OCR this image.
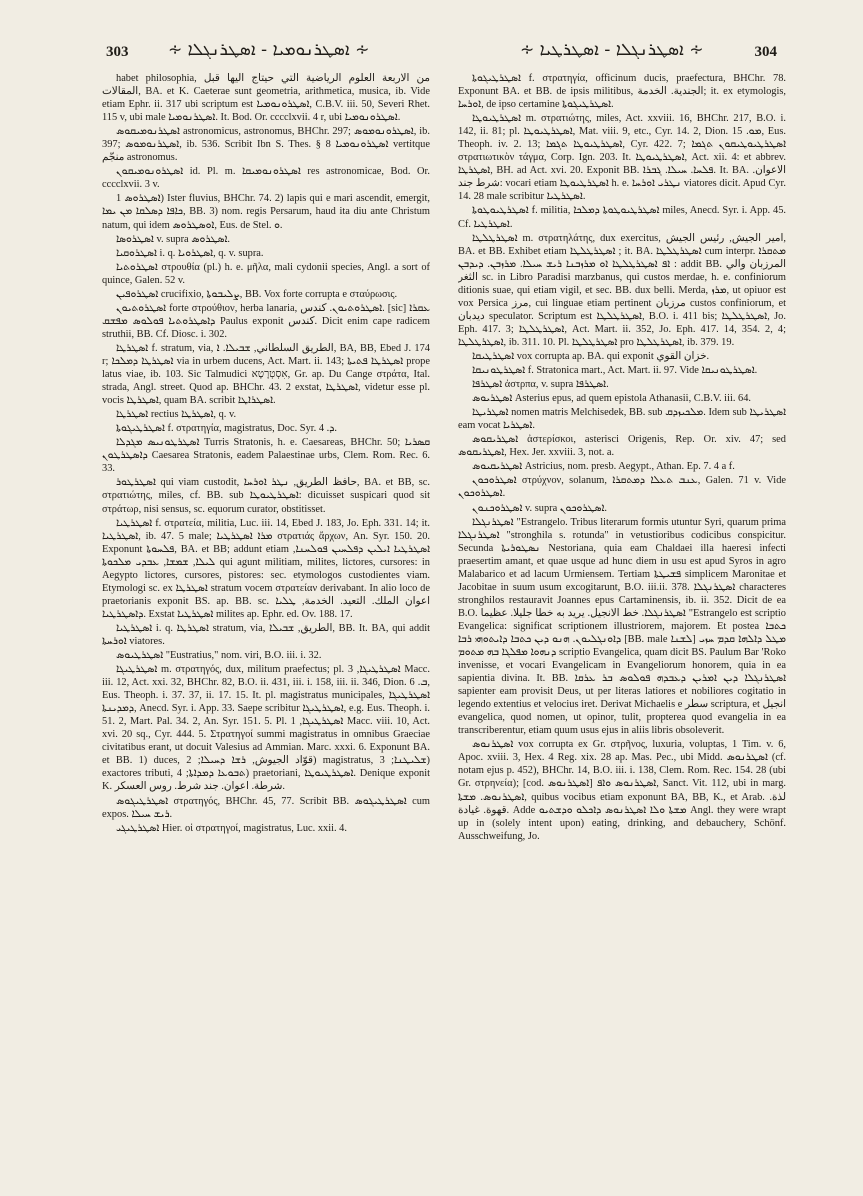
303 ∻ ܐܣܛܪܢܘܡܝܐ - ܐܣܛܪܢܓܠܐ ∻	∻ ܐܣܛܪܢܓܠܐ - ܐܣܛܪܛܝܐ ∻	304

habet philosophia, من الاربعة العلوم الرياضية التي حيتاج اليها قبل المقالات, BA. et K. Caeterae sunt geometria, arithmetica, musica, ib. Vide etiam Ephr. ii. 317 ubi scriptum est ܐܣܛܪܘܢܘܡܝܐ, C.B.V. iii. 50, Severi Rhet. 115 v, ubi male ܐܣܛܪܢܘܡܝܐ. It. Bod. Or. cccclxvii. 4 r, ubi ܐܣܛܪܘܢܘܡܝܐ.

ܐܣܛܪܢܘܡܝܩܘܣ astronomicus, astronomus, BHChr. 297; ܐܣܛܪܘܢܘܡܘܣ, ib. 397; ܐܣܛܪܢܘܡܘܣ, ib. 536. Scribit Ibn S. Thes. § 8 ܐܣܛܪܘܢܘܡܝܐ vertitque منجّم astronomus.

ܐܣܛܪܘܢܘܡܝܩܘܢ id. Pl. m. ܐܣܛܪܘܢܘܡܝܩܐ res astronomicae, Bod. Or. cccclxvii. 3 v.

ܐܣܛܪܘܣ 1) Ister fluvius, BHChr. 74. 2) lapis qui e mari ascendit, emergit, ܟܐܦܐ ܕܣܠܩܐ ܡܢ ܝܡܐ, BB. 3) nom. regis Persarum, haud ita diu ante Christum natum, qui idem ܐܘܣܛܪܘܣ, Eus. de Stel. ܘ.

ܐܣܛܪܘܣܐ v. supra ܐܣܛܪܘܣ.

ܐܣܛܪܘܩܝܐ i. q. ܐܣܛܪܘܝܐ, q. v. supra.

ܐܣܛܪܘܬܝܐ στρουθία (pl.) h. e. μῆλα, mali cydonii species, Angl. a sort of quince, Galen. 52 v.

ܐܣܛܪܘܦܝܢ crucifixio, ܨܠܝܒܘܬܐ, BB. Vox forte corrupta e σταύρωσις.

ܐܣܛܪܘܬܝܘܢ forte στρούθιον, herba lanaria, ܐܣܛܪܘܬܝܘܢ. كندس. [sic] ܥܩܪܐ ܕܐܣܛܪܘܬܝܐ ܦܘܠܘܣ ܡܦܫܩ Paulus exponit كندس. Dicit enim cape radicem struthii, BB. Cf. Diosc. i. 302.

ܐܣܛܪܛܐ f. stratum, via, الطريق السلطاني, ܫܒܝܠܐ. ܐ, BA, BB, Ebed J. 174 r; ܐܣܛܪܛܐ ܕܡܠܟܐ via in urbem ducens, Act. Mart. ii. 143; ܐܣܛܪܛܐ ܦܬܝܬܐ prope latus viae, ib. 103. Sic Talmudici אִסְטְרָטָא, Gr. ap. Du Cange στράτα, Ital. strada, Angl. street. Quod ap. BHChr. 43. 2 exstat, ܐܣܛܪܛܐ, videtur esse pl. vocis ܐܣܛܪܛܐ, quam BA. scribit ܐܣܛܪܐܛܐ.

ܐܣܛܪܛܐ rectius ܐܣܛܪܛܐ, q. v.

ܐܣܛܪܛܝܓܘܬܐ f. στρατηγία, magistratus, Doc. Syr. ܕ. 4.

ܐܣܛܪܛܘܢܝܣ ܡܓܕܠܐ Turris Stratonis, h. e. Caesareas, BHChr. 50; ܩܣܪܝܐ ܕܐܣܛܪܛܘܢ Caesarea Stratonis, eadem Palaestinae urbs, Clem. Rom. Rec. 6. 33.

ܐܣܛܪܛܘܪ qui viam custodit, حافظ الطريق, ܢܛܪ ܐܘܪܚܐ, BA. et BB, sc. στρατιώτης, miles, cf. BB. sub ܐܣܛܪܛܝܘܛܐ: dicuisset suspicari quod sit στράτωρ, nisi sensus, sc. equorum curator, obstitisset.

ܐܣܛܪܛܝܐ f. στρατεία, militia, Luc. iii. 14, Ebed J. 183, Jo. Eph. 331. 14; it. ܐܣܛܪܛܝܐ, ib. 47. 5 male; ܡܪܐ ܐܣܛܪܛܝܐ στρατιάς ἄρχων, An. Syr. 150. 20. Exponunt ܦܠܚܘܬܐ, BA. et BB; addunt etiam ܐܣܛܪܛܝܐ ܐܝܠܝܢ ܕܦܠܚܝܢ ܦܘܠܚܢܐ, ܠܝܠܐ, ܫܡܫܐ, ܥܒܕܝ ܡܠܟܘܬܐ qui agunt militiam, milites, lictores, cursores: in Aegypto lictores, cursores, pistores: sec. etymologos custodientes viam. Etymologi sc. ex ܐܣܛܪܛܐ stratum vocem στρατείαν derivabant. In alio loco de praetorianis exponit BS. ap. BB. sc. اعوان الملك. التعيد. الخدمة, ܛܠܝܐ ܕܐܣܛܪܛܝܐ. Exstat ܐܣܛܪܛܝܐ milites ap. Ephr. ed. Ov. 188. 17.

ܐܣܛܪܛܝܐ i. q. ܐܣܛܪܛܐ stratum, via, الطريق, ܫܒܝܠܐ, BB. It. BA, qui addit ܐܘܪܚܬܐ viatores.

ܐܣܛܪܛܝܘܣ "Eustratius," nom. viri, B.O. iii. i. 32.

ܐܣܛܪܛܝܓܐ m. στρατηγός, dux, militum praefectus; pl. ܐܣܛܪܛܝܓܐ, 3 Macc. iii. 12, Act. xxi. 32, BHChr. 82, B.O. ii. 431, iii. i. 158, iii. ii. 346, Dion. ܒ. 6, Eus. Theoph. i. 37. 37, ii. 17. 15. It. pl. magistratus municipales, ܐܣܛܪܛܝܓܐ ܕܡܕܝܢܬܐ, Anecd. Syr. i. App. 33. Saepe scribitur ܐܣܛܪܛܝܓܐ, e.g. Eus. Theoph. i. 51. 2, Mart. Pal. 34. 2, An. Syr. 151. 5. Pl. ܐܣܛܪܛܝܓܐ, 1 Macc. viii. 10, Act. xvi. 20 sq., Cyr. 444. 5. Στρατηγοί summi magistratus in omnibus Graeciae civitatibus erant, ut docuit Valesius ad Ammian. Marc. xxxi. 6. Exponunt BA. et BB. 1) duces, قوّاد الجيوش, ܪܫܐ ܕܚܝܠܐ; 2) magistratus, ܫܠܝܛܢܐ; 3) exactores tributi, ܬܒܘܥܐ ܕܡܕܐܬܐ; 4) praetoriani, ܐܣܛܪܛܝܘܛܐ. Denique exponit K. شرطة. اعوان. جند شرط. روس العسكر.

ܐܣܛܪܛܝܓܘܣ στρατηγός, BHChr. 45, 77. Scribit BB. ܐܣܛܪܛܝܓܘܣ cum expos. ܪܝܫ ܚܝܠܐ.

ܐܣܛܪܛܝܓܝ Hier. οἱ στρατηγοί, magistratus, Luc. xxii. 4.

ܐܣܛܪܛܝܓܘܬܐ f. στρατηγία, officinum ducis, praefectura, BHChr. 78. Exponunt BA. et BB. de ipsis militibus, الجندية. الخدمة; it. ex etymologis, ܐܘܪܚܐ, de ipso certamine ܐܣܛܪܛܝܓܘܬܐ.

ܐܣܛܪܛܝܘܛܐ m. στρατιώτης, miles, Act. xxviii. 16, BHChr. 217, B.O. i. 142, ii. 81; pl. ܐܣܛܪܛܝܘܛܐ, Mat. viii. 9, etc., Cyr. 14. 2, Dion. ܡܘ. 15, Eus. Theoph. iv. 2. 13; ܐܣܛܪܛܝܘܛܐ ܬܓܡܐ, Cyr. 422. 7; ܐܣܛܪܛܝܘܛܝܩܘܢ ܬܓܡܐ στρατιωτικὸν τάγμα, Corp. Ign. 203. It. ܐܣܛܪܛܝܘܛܐ, Act. xii. 4: et abbrev. ܐܣܛܪܛܐ, BH. ad Act. xvi. 20. Exponit BB. ܦܠܚܐ. ܚܝܠܐ. ܓܒܪܐ. It. BA. الاعوان. شرط جند: vocari etiam ܐܣܛܪܛܝܘܛܐ h. e. ܢܛܪܝ ܐܘܪܚܐ viatores dicit. Apud Cyr. 14. 28 male scribitur ܐܣܛܪܛܝܐ.

ܐܣܛܪܛܝܘܛܘܬܐ f. militia, ܐܣܛܪܛܝܘܛܘܬܐ ܕܡܠܟܐ miles, Anecd. Syr. i. App. 45. Cf. ܐܣܛܪܛܝܐ.

ܐܣܛܪܛܠܛܐ m. στρατηλάτης, dux exercitus, امير الجيش, رئيس الجيش, BA. et BB. Exhibet etiam ܐܣܛܪܛܠܛܐ ; it. BA. ܐܣܛܪܛܠܛܐ cum interpr. ܡܬܩܪܐ ܐܦ ܐܣܛܪܛܠܛܐ ܐܘ ܡܪܙܒܢܐ ܪܝܫ ܚܝܠܐ. ܡܪܙܒܢ. ܕܝܕܒܢ : addit BB. المرزبان والي الثغر sc. in Libro Paradisi marzbanus, qui custos merdae, h. e. confiniorum ditionis suae, qui etiam vigil, et sec. BB. dux belli. Merda, ܡܪܙ, ut opiuor est vox Persica مرز, cui linguae etiam pertinent مرزبان custos confiniorum, et ديدبان speculator. Scriptum est ܐܣܛܪܛܠܛܐ, B.O. i. 411 bis; ܐܣܛܪܛܠܛܐ, Jo. Eph. 417. 3; ܐܣܛܪܛܠܛܐ, Act. Mart. ii. 352, Jo. Eph. 417. 14, 354. 2, 4; ܐܣܛܪܛܠܛܐ, ib. 311. 10. Pl. ܐܣܛܪܛܠܛܐ pro ܐܣܛܪܛܠܛܐ, ib. 379. 19.

ܐܣܛܪܛܝܩܐ vox corrupta ap. BA. qui exponit خزان القوي.

ܐܣܛܪܛܘܢܝܩܐ f. Stratonica mart., Act. Mart. ii. 97. Vide ܐܣܛܪܛܘܢܝܩܐ.

ܐܣܛܪܦܐ ἀστρπα, v. supra ܐܣܛܪܦܐ.

ܐܣܛܪܝܘܣ Asterius epus, ad quem epistola Athanasii, C.B.V. iii. 64.

ܐܣܛܪܝܛܐ nomen matris Melchisedek, BB. sub ܡܠܟܝܙܕܩ. Idem sub ܐܣܛܪܝܛܐ eam vocat ܐܣܛܪܝܐ.

ܐܣܛܪܝܩܘܣ ἀστερίσκοι, asterisci Origenis, Rep. Or. xiv. 47; sed ܐܣܛܪܝܩܘܣ, Hex. Jer. xxviii. 3, not. a.

ܐܣܛܪܝܩܝܘܣ Astricius, nom. presb. Aegypt., Athan. Ep. 7. 4 a f.

ܐܣܛܪܘܟܘܢ στρύχνον, solanum, ܥܢܒ ܬܥܠܐ ܕܡܬܩܪܐ, Galen. 71 v. Vide ܐܣܛܪܘܟܘܢ.

ܐܣܛܪܘܟܢܘܢ v. supra ܐܣܛܪܘܟܘܢ.

ܐܣܛܪܢܓܠܐ "Estrangelo. Tribus literarum formis utuntur Syri, quarum prima ܐܣܛܪܢܓܠܐ "stronghila s. rotunda" in vetustioribus codicibus conspicitur. Secunda ܢܣܛܘܪܝܬܐ Nestoriana, quia eam Chaldaei illa haeresi infecti praesertim amant, et quae usque ad hunc diem in usu est apud Syros in agro Malabarico et ad lacum Urmiensem. Tertiam ܦܫܝܛܬܐ simplicem Maronitae et Jacobitae in suum usum excogitarunt, B.O. iii.ii. 378. ܐܣܛܪܢܓܠܐ characteres stronghilos restauravit Joannes epus Cartaminensis, ib. ii. 352. Dicit de ea B.O. ܐܣܛܪܢܓܠܐ. خط الانجيل. يريد به خطا جليلا. عظيما "Estrangelo est scriptio Evangelica: significat scriptionem illustriorem, majorem. Et postea ܟܬܒܐ ܕܐܘܢܓܠܝܘܢ. ܗܢܘ ܕܝܢ ܟܬܒܐ ܕܐܝܬܘܗܝ ܪܒܐ [BB. male ܠܫܢܐ] ܡܛܠ ܕܐܠܗܐ ܩܕܡ ܚܙܝ ܕܢܗܘܐ ܡܦܠܓܐ ܒܗ ܡܬܘܡ scriptio Evangelica, quam dicit BS. Paulum Bar 'Roko invenisse, et vocari Evangelicam in Evangeliorum honorem, quia in ea sapientia divina. It. BB. ܐܣܛܪܢܓܠܐ ܕܝܢ ܐܡܪܝܢ ܕܥܒܕܗ ܦܘܠܘܣ ܒܪ ܥܪܩܐ sapienter eam provisit Deus, ut per literas latiores et nobiliores cogitatio in legendo extentius et velocius iret. Derivat Michaelis e سطر scriptura, et انجيل evangelica, quod nomen, ut opinor, tulit, propterea quod evangelia in ea transcriberentur, etiam quum usus ejus in aliis libris obsoleverit.

ܐܣܛܪܢܘܣ vox corrupta ex Gr. στρῆνος, luxuria, voluptas, 1 Tim. v. 6, Apoc. xviii. 3, Hex. 4 Reg. xix. 28 ap. Mas. Pec., ubi Midd. ܐܣܛܪܢܘܣ (cf. notam ejus p. 452), BHChr. 14, B.O. iii. i. 138, Clem. Rom. Rec. 154. 28 (ubi Gr. στρηνεία); [cod. ܐܣܛܪܢܘܣ] ܐܣܛܪܢܘܣ ܘܐܦ, Sanct. Vit. 112, ubi in marg. ܐܣܛܪܢܘܣ. ܡܫܬܐ, quibus vocibus etiam exponunt BA, BB, K., et Arab. لذة. قهوة. غيادة. Adde ܡܫܬܐ ܘܠܐ ܐܣܛܪܢܘܣ ܕܐܟܠܘ ܘܕܫܬܝܘ Angl. they were wrapt up in (solely intent upon) eating, drinking, and debauchery, Schönf. Ausschweifung, Jo.
